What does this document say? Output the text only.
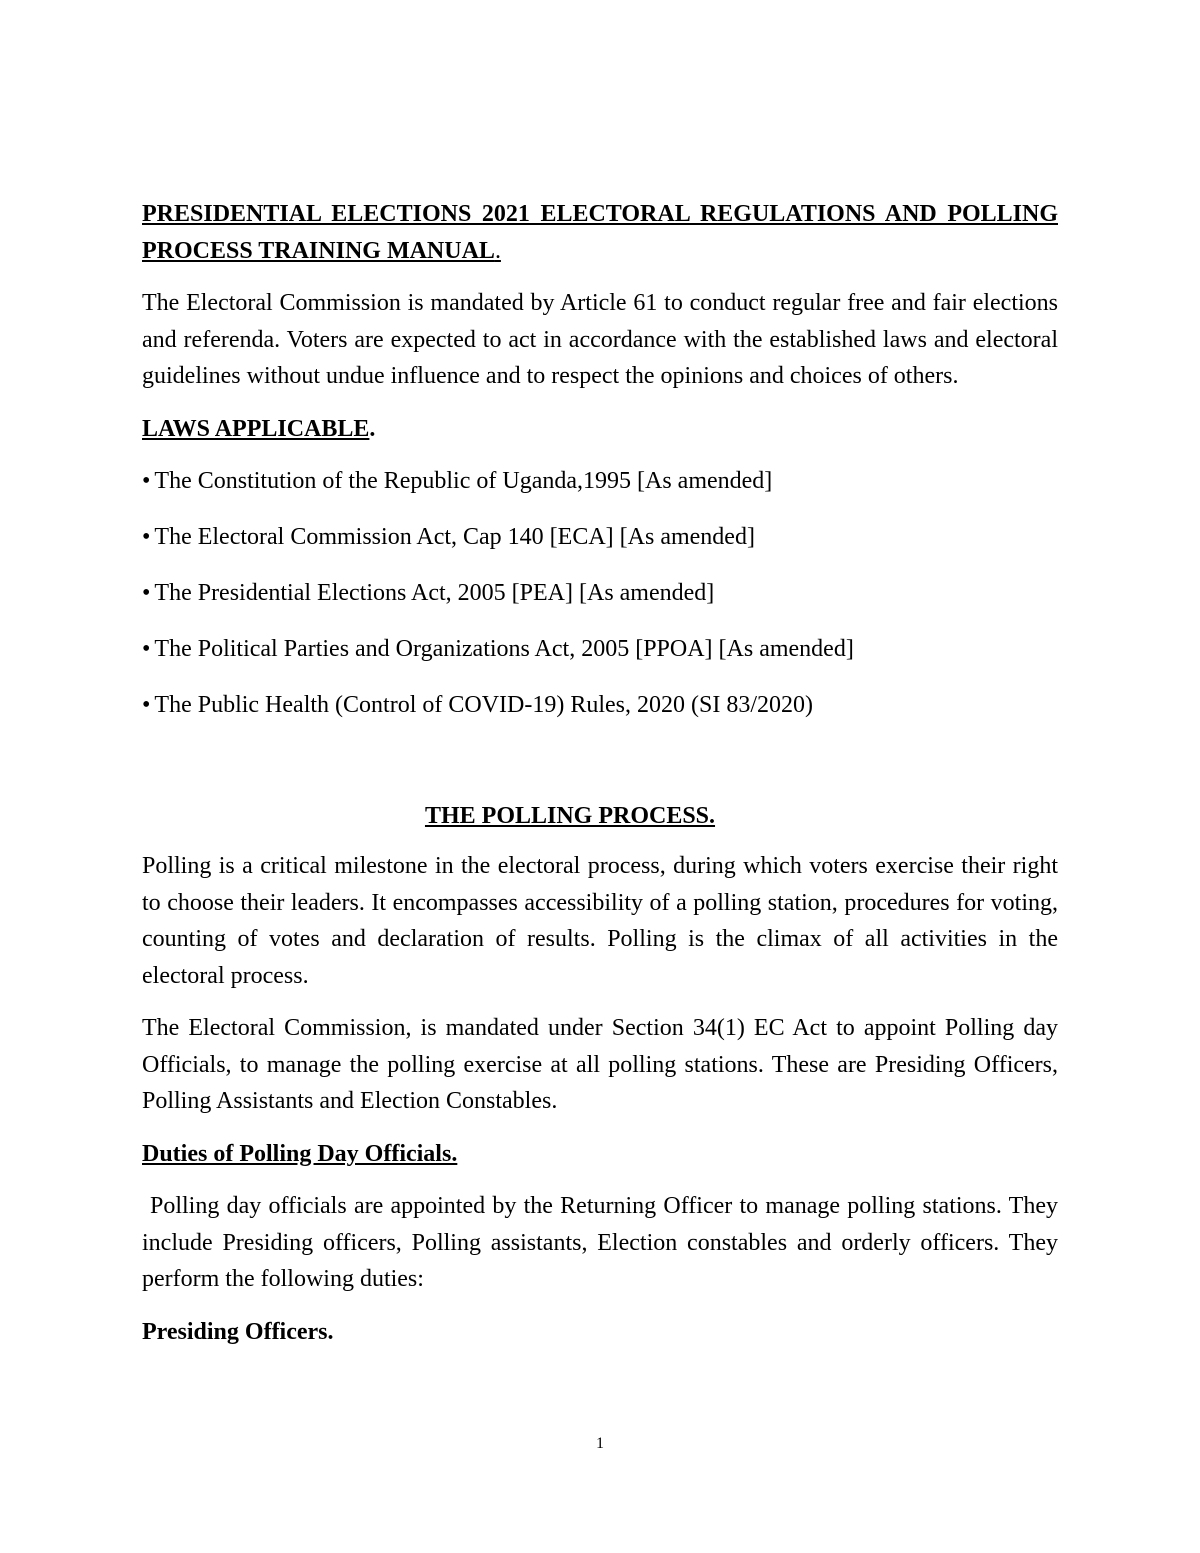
PRESIDENTIAL ELECTIONS 2021 ELECTORAL REGULATIONS AND POLLING PROCESS TRAINING MANUAL.

The Electoral Commission is mandated by Article 61 to conduct regular free and fair elections and referenda. Voters are expected to act in accordance with the established laws and electoral guidelines without undue influence and to respect the opinions and choices of others.

LAWS APPLICABLE.
• The Constitution of the Republic of Uganda,1995 [As amended]
• The Electoral Commission Act, Cap 140 [ECA] [As amended]
• The Presidential Elections Act, 2005 [PEA] [As amended]
• The Political Parties and Organizations Act, 2005 [PPOA] [As amended]
• The Public Health (Control of COVID-19) Rules, 2020 (SI 83/2020)
THE POLLING PROCESS.

Polling is a critical milestone in the electoral process, during which voters exercise their right to choose their leaders. It encompasses accessibility of a polling station, procedures for voting, counting of votes and declaration of results. Polling is the climax of all activities in the electoral process.

The Electoral Commission, is mandated under Section 34(1) EC Act to appoint Polling day Officials, to manage the polling exercise at all polling stations. These are Presiding Officers, Polling Assistants and Election Constables.

Duties of Polling Day Officials.

Polling day officials are appointed by the Returning Officer to manage polling stations. They include Presiding officers, Polling assistants, Election constables and orderly officers. They perform the following duties:

Presiding Officers.
1
